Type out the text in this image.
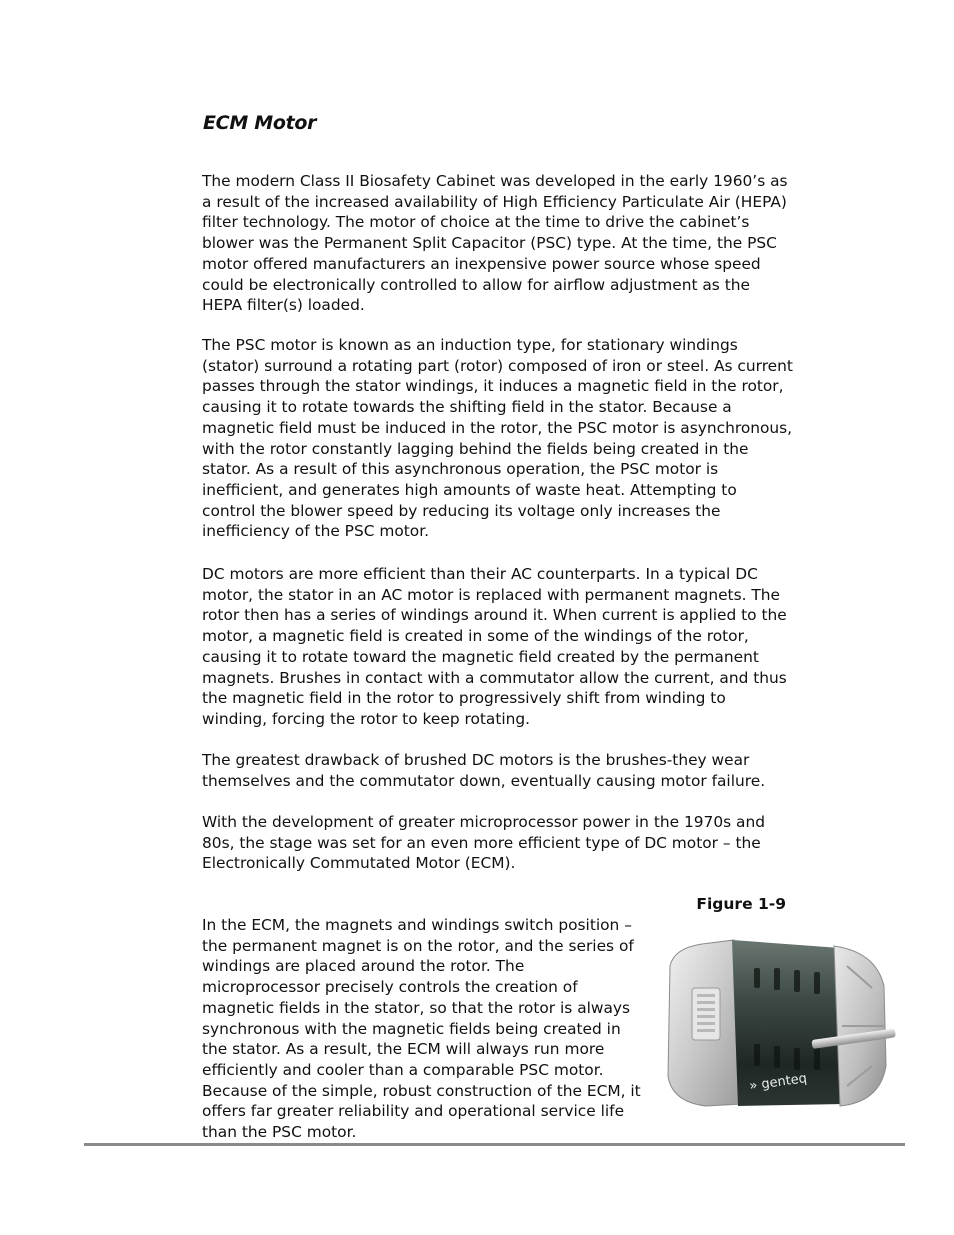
ECM Motor

The modern Class II Biosafety Cabinet was developed in the early 1960’s as a result of the increased availability of High Efficiency Particulate Air (HEPA) filter technology. The motor of choice at the time to drive the cabinet’s blower was the Permanent Split Capacitor (PSC) type. At the time, the PSC motor offered manufacturers an inexpensive power source whose speed could be electronically controlled to allow for airflow adjustment as the HEPA filter(s) loaded.

The PSC motor is known as an induction type, for stationary windings (stator) surround a rotating part (rotor) composed of iron or steel. As current passes through the stator windings, it induces a magnetic field in the rotor, causing it to rotate towards the shifting field in the stator. Because a magnetic field must be induced in the rotor, the PSC motor is asynchronous, with the rotor constantly lagging behind the fields being created in the stator. As a result of this asynchronous operation, the PSC motor is inefficient, and generates high amounts of waste heat. Attempting to control the blower speed by reducing its voltage only increases the inefficiency of the PSC motor.

DC motors are more efficient than their AC counterparts. In a typical DC motor, the stator in an AC motor is replaced with permanent magnets. The rotor then has a series of windings around it. When current is applied to the motor, a magnetic field is created in some of the windings of the rotor, causing it to rotate toward the magnetic field created by the permanent magnets. Brushes in contact with a commutator allow the current, and thus the magnetic field in the rotor to progressively shift from winding to winding, forcing the rotor to keep rotating.

The greatest drawback of brushed DC motors is the brushes-they wear themselves and the commutator down, eventually causing motor failure.

With the development of greater microprocessor power in the 1970s and 80s, the stage was set for an even more efficient type of DC motor – the Electronically Commutated Motor (ECM).

In the ECM, the magnets and windings switch position – the permanent magnet is on the rotor, and the series of windings are placed around the rotor. The microprocessor precisely controls the creation of magnetic fields in the stator, so that the rotor is always synchronous with the magnetic fields being created in the stator. As a result, the ECM will always run more efficiently and cooler than a comparable PSC motor. Because of the simple, robust construction of the ECM, it offers far greater reliability and operational service life than the PSC motor.

Figure 1-9
» genteq
